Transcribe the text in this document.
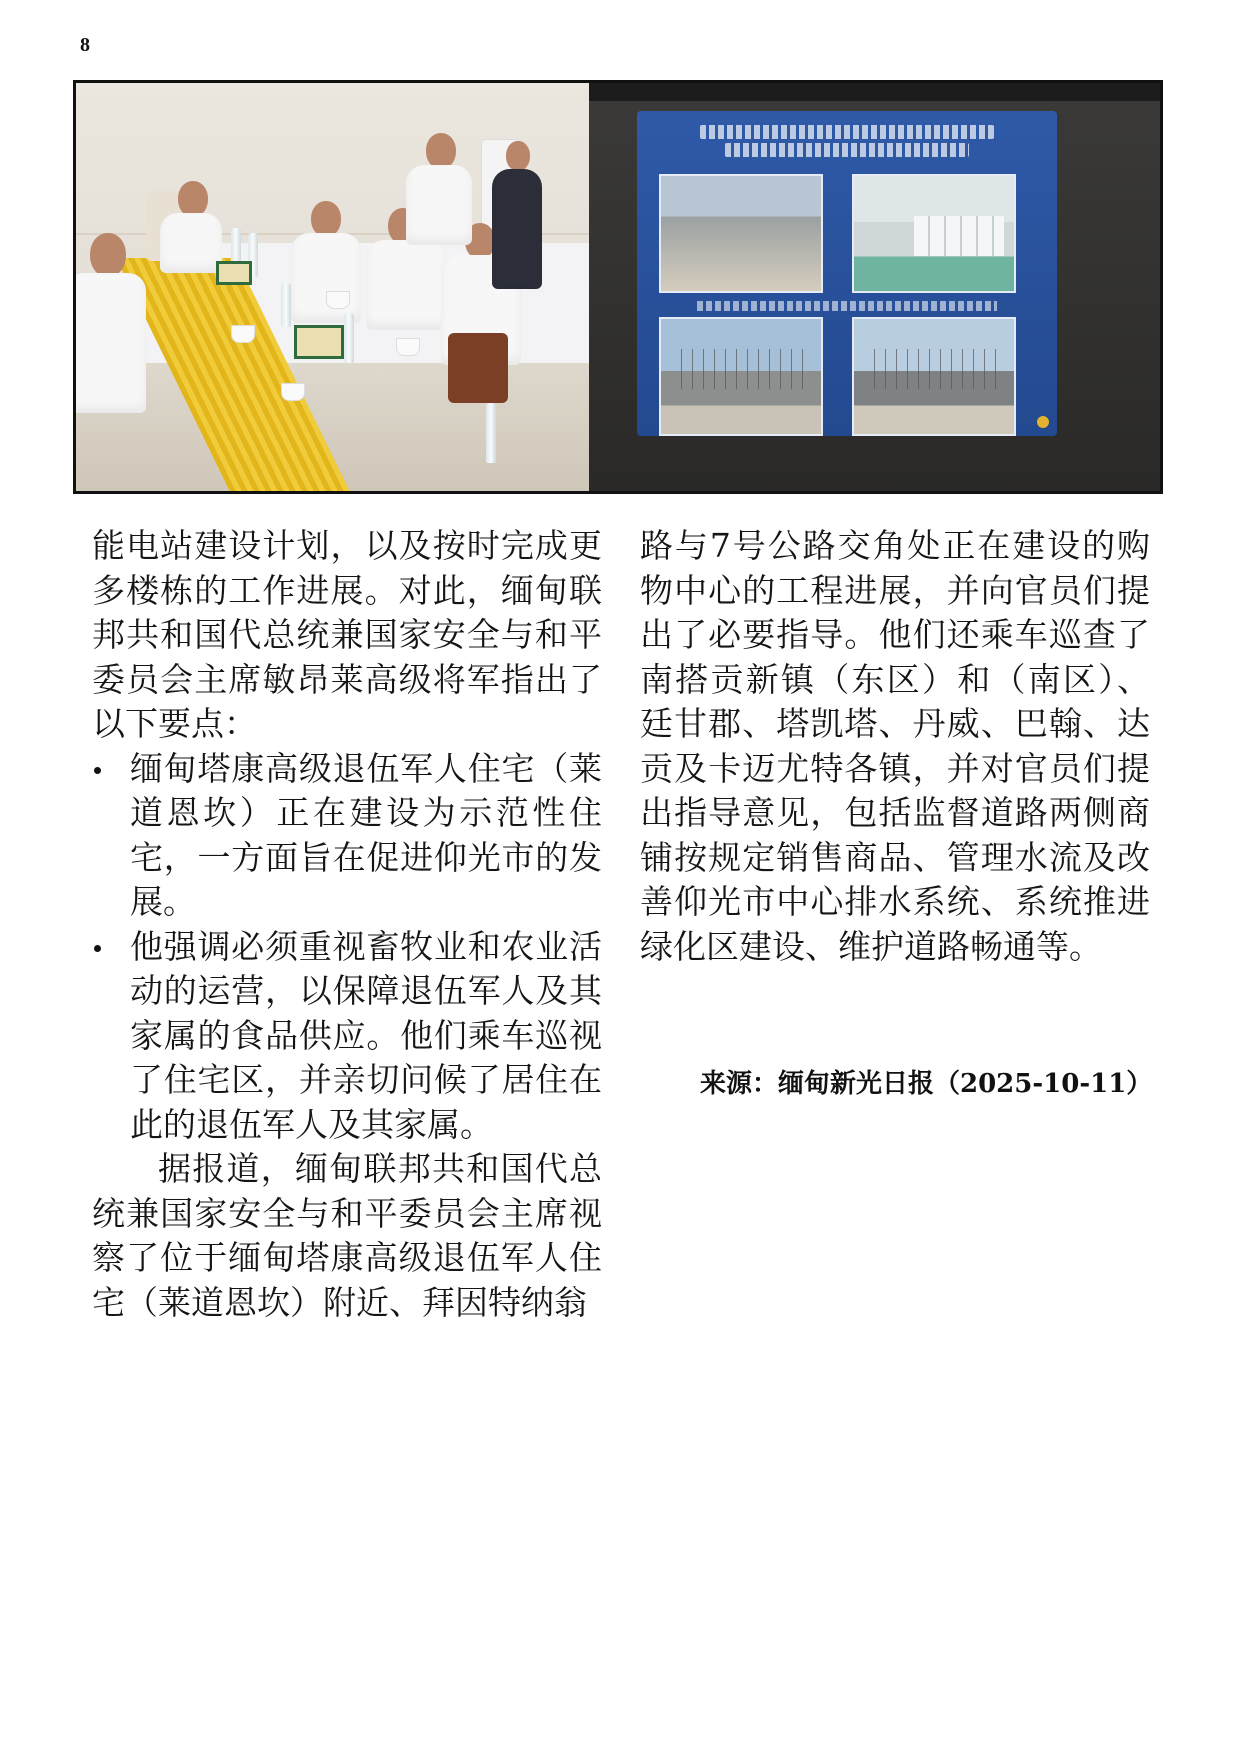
8

能电站建设计划，以及按时完成更多楼栋的工作进展。对此，缅甸联邦共和国代总统兼国家安全与和平委员会主席敏昂莱高级将军指出了以下要点：

缅甸塔康高级退伍军人住宅（莱道恩坎）正在建设为示范性住宅，一方面旨在促进仰光市的发展。
他强调必须重视畜牧业和农业活动的运营，以保障退伍军人及其家属的食品供应。他们乘车巡视了住宅区，并亲切问候了居住在此的退伍军人及其家属。

据报道，缅甸联邦共和国代总统兼国家安全与和平委员会主席视察了位于缅甸塔康高级退伍军人住宅（莱道恩坎）附近、拜因特纳翁

路与7号公路交角处正在建设的购物中心的工程进展，并向官员们提出了必要指导。他们还乘车巡查了南搭贡新镇（东区）和（南区）、廷甘郡、塔凯塔、丹威、巴翰、达贡及卡迈尤特各镇，并对官员们提出指导意见，包括监督道路两侧商铺按规定销售商品、管理水流及改善仰光市中心排水系统、系统推进绿化区建设、维护道路畅通等。

来源：缅甸新光日报（2025-10-11）
